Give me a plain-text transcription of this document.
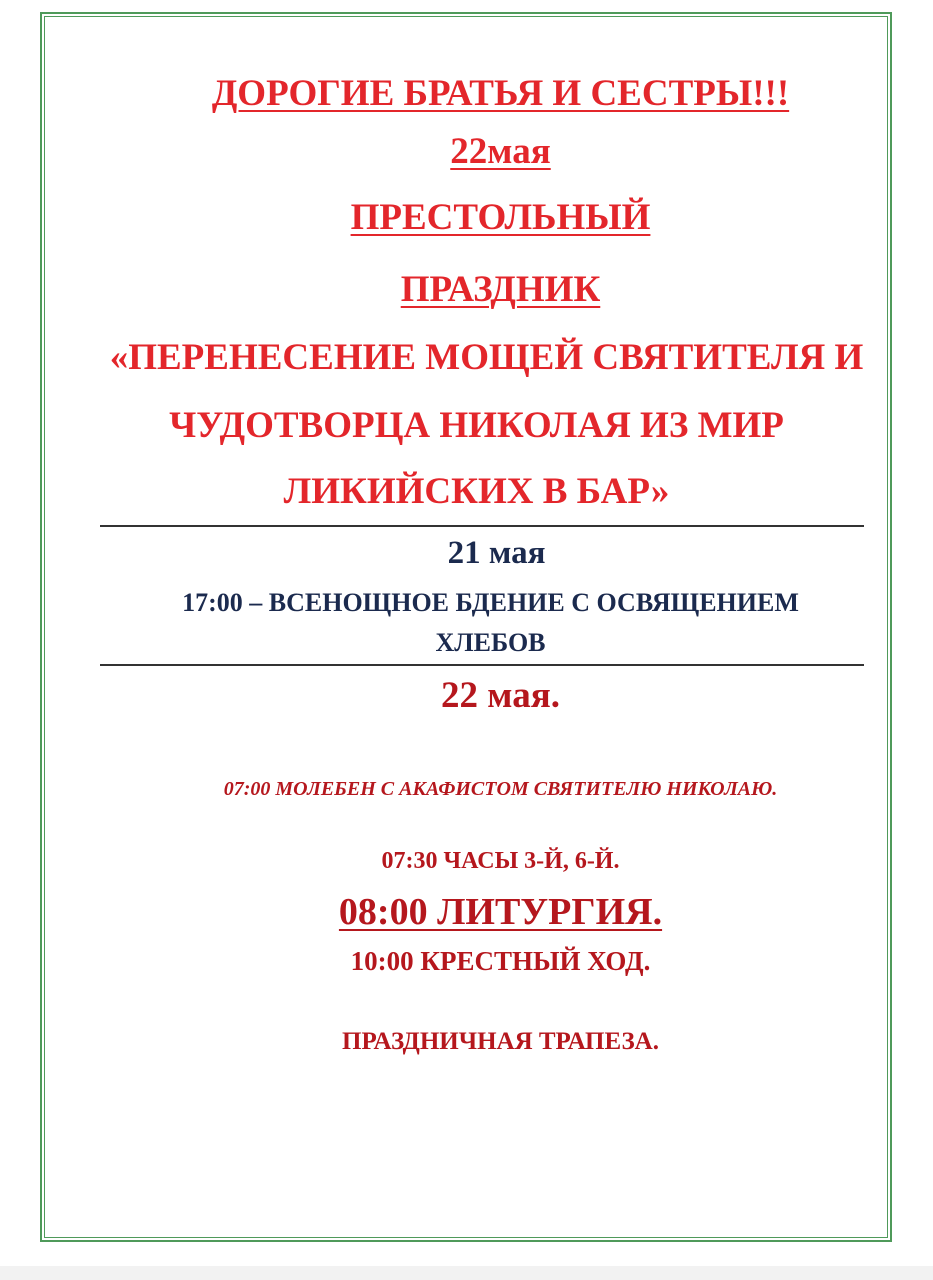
ДОРОГИЕ БРАТЬЯ И СЕСТРЫ!!!
22мая
ПРЕСТОЛЬНЫЙ
ПРАЗДНИК
«ПЕРЕНЕСЕНИЕ МОЩЕЙ СВЯТИТЕЛЯ И
ЧУДОТВОРЦА НИКОЛАЯ ИЗ МИР
ЛИКИЙСКИХ В БАР»
21 мая
17:00 – ВСЕНОЩНОЕ БДЕНИЕ С ОСВЯЩЕНИЕМ
ХЛЕБОВ
22 мая.
07:00 МОЛЕБЕН С АКАФИСТОМ СВЯТИТЕЛЮ НИКОЛАЮ.
07:30 ЧАСЫ 3-Й, 6-Й.
08:00 ЛИТУРГИЯ.
10:00 КРЕСТНЫЙ ХОД.
ПРАЗДНИЧНАЯ ТРАПЕЗА.
